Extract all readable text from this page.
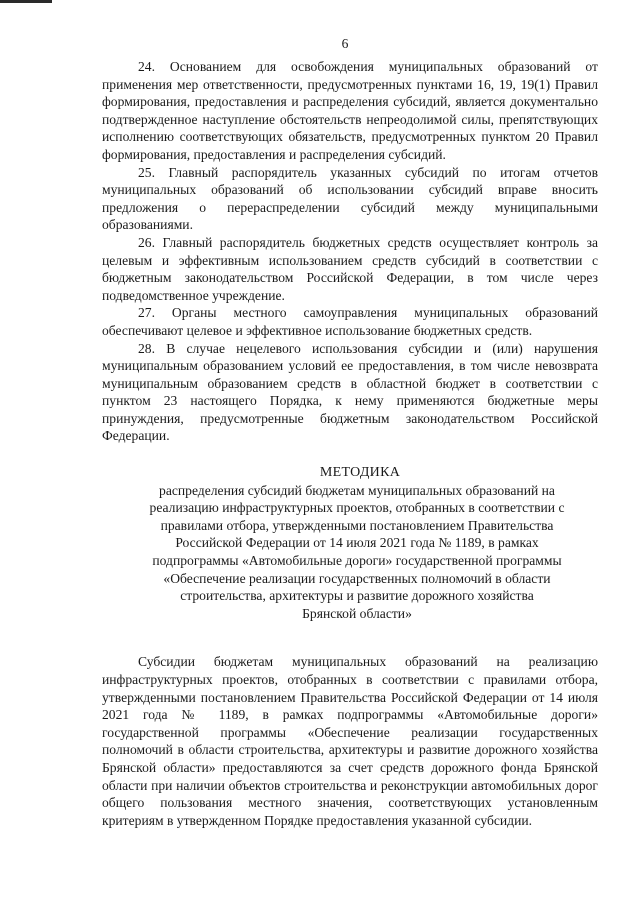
6

24. Основанием для освобождения муниципальных образований от применения мер ответственности, предусмотренных пунктами 16, 19, 19(1) Правил формирования, предоставления и распределения субсидий, является документально подтвержденное наступление обстоятельств непреодолимой силы, препятствующих исполнению соответствующих обязательств, предусмотренных пунктом 20 Правил формирования, предоставления и распределения субсидий.

25. Главный распорядитель указанных субсидий по итогам отчетов муниципальных образований об использовании субсидий вправе вносить предложения о перераспределении субсидий между муниципальными образованиями.

26. Главный распорядитель бюджетных средств осуществляет контроль за целевым и эффективным использованием средств субсидий в соответствии с бюджетным законодательством Российской Федерации, в том числе через подведомственное учреждение.

27. Органы местного самоуправления муниципальных образований обеспечивают целевое и эффективное использование бюджетных средств.

28. В случае нецелевого использования субсидии и (или) нарушения муниципальным образованием условий ее предоставления, в том числе невозврата муниципальным образованием средств в областной бюджет в соответствии с пунктом 23 настоящего Порядка, к нему применяются бюджетные меры принуждения, предусмотренные бюджетным законодательством Российской Федерации.

МЕТОДИКА

распределения субсидий бюджетам муниципальных образований на
реализацию инфраструктурных проектов, отобранных в соответствии с
правилами отбора, утвержденными постановлением Правительства
Российской Федерации от 14 июля 2021 года № 1189, в рамках
подпрограммы «Автомобильные дороги» государственной программы
«Обеспечение реализации государственных полномочий в области
строительства, архитектуры и развитие дорожного хозяйства
Брянской области»

Субсидии бюджетам муниципальных образований на реализацию инфраструктурных проектов, отобранных в соответствии с правилами отбора, утвержденными постановлением Правительства Российской Федерации от 14 июля 2021 года № 1189, в рамках подпрограммы «Автомобильные дороги» государственной программы «Обеспечение реализации государственных полномочий в области строительства, архитектуры и развитие дорожного хозяйства Брянской области» предоставляются за счет средств дорожного фонда Брянской области при наличии объектов строительства и реконструкции автомобильных дорог общего пользования местного значения, соответствующих установленным критериям в утвержденном Порядке предоставления указанной субсидии.
